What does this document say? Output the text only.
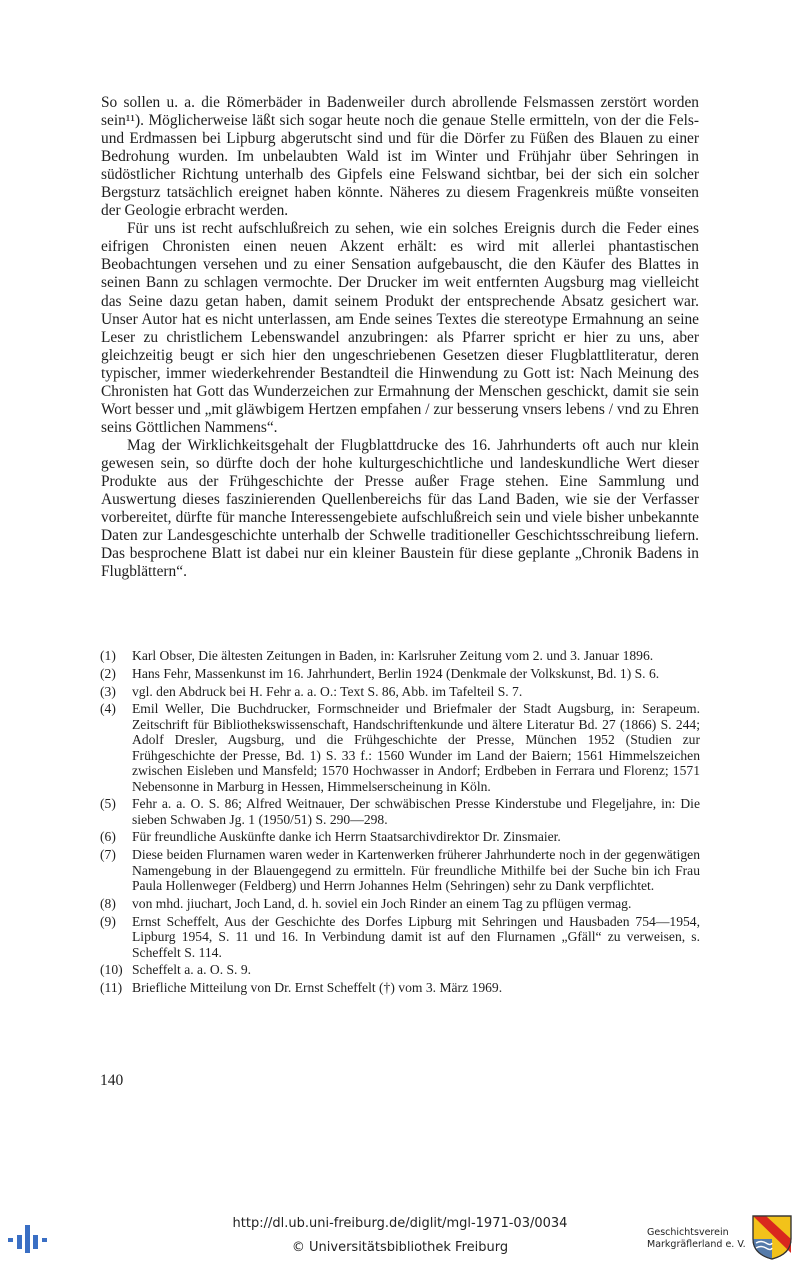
So sollen u. a. die Römerbäder in Badenweiler durch abrollende Felsmassen zerstört worden sein¹¹). Möglicherweise läßt sich sogar heute noch die genaue Stelle ermitteln, von der die Fels- und Erdmassen bei Lipburg abgerutscht sind und für die Dörfer zu Füßen des Blauen zu einer Bedrohung wurden. Im unbelaubten Wald ist im Winter und Frühjahr über Sehringen in südöstlicher Richtung unterhalb des Gipfels eine Felswand sichtbar, bei der sich ein solcher Bergsturz tatsächlich ereignet haben könnte. Näheres zu diesem Fragenkreis müßte vonseiten der Geologie erbracht werden.

Für uns ist recht aufschlußreich zu sehen, wie ein solches Ereignis durch die Feder eines eifrigen Chronisten einen neuen Akzent erhält: es wird mit allerlei phantastischen Beobachtungen versehen und zu einer Sensation aufgebauscht, die den Käufer des Blattes in seinen Bann zu schlagen vermochte. Der Drucker im weit entfernten Augsburg mag vielleicht das Seine dazu getan haben, damit seinem Produkt der entsprechende Absatz gesichert war. Unser Autor hat es nicht unterlassen, am Ende seines Textes die stereotype Ermahnung an seine Leser zu christlichem Lebenswandel anzubringen: als Pfarrer spricht er hier zu uns, aber gleichzeitig beugt er sich hier den ungeschriebenen Gesetzen dieser Flugblattliteratur, deren typischer, immer wiederkehrender Bestandteil die Hinwendung zu Gott ist: Nach Meinung des Chronisten hat Gott das Wunderzeichen zur Ermahnung der Menschen geschickt, damit sie sein Wort besser und „mit gläwbigem Hertzen empfahen / zur besserung vnsers lebens / vnd zu Ehren seins Göttlichen Nammens“.

Mag der Wirklichkeitsgehalt der Flugblattdrucke des 16. Jahrhunderts oft auch nur klein gewesen sein, so dürfte doch der hohe kulturgeschichtliche und landeskundliche Wert dieser Produkte aus der Frühgeschichte der Presse außer Frage stehen. Eine Sammlung und Auswertung dieses faszinierenden Quellenbereichs für das Land Baden, wie sie der Verfasser vorbereitet, dürfte für manche Interessengebiete aufschlußreich sein und viele bisher unbekannte Daten zur Landesgeschichte unterhalb der Schwelle traditioneller Geschichtsschreibung liefern. Das besprochene Blatt ist dabei nur ein kleiner Baustein für diese geplante „Chronik Badens in Flugblättern“.

(1)	Karl Obser, Die ältesten Zeitungen in Baden, in: Karlsruher Zeitung vom 2. und 3. Januar 1896.
(2)	Hans Fehr, Massenkunst im 16. Jahrhundert, Berlin 1924 (Denkmale der Volkskunst, Bd. 1) S. 6.
(3)	vgl. den Abdruck bei H. Fehr a. a. O.: Text S. 86, Abb. im Tafelteil S. 7.
(4)	Emil Weller, Die Buchdrucker, Formschneider und Briefmaler der Stadt Augsburg, in: Serapeum. Zeitschrift für Bibliothekswissenschaft, Handschriftenkunde und ältere Literatur Bd. 27 (1866) S. 244; Adolf Dresler, Augsburg, und die Frühgeschichte der Presse, München 1952 (Studien zur Frühgeschichte der Presse, Bd. 1) S. 33 f.: 1560 Wunder im Land der Baiern; 1561 Himmelszeichen zwischen Eisleben und Mansfeld; 1570 Hochwasser in Andorf; Erdbeben in Ferrara und Florenz; 1571 Nebensonne in Marburg in Hessen, Himmelserscheinung in Köln.
(5)	Fehr a. a. O. S. 86; Alfred Weitnauer, Der schwäbischen Presse Kinderstube und Flegeljahre, in: Die sieben Schwaben Jg. 1 (1950/51) S. 290—298.
(6)	Für freundliche Auskünfte danke ich Herrn Staatsarchivdirektor Dr. Zinsmaier.
(7)	Diese beiden Flurnamen waren weder in Kartenwerken früherer Jahrhunderte noch in der gegenwätigen Namengebung in der Blauengegend zu ermitteln. Für freundliche Mithilfe bei der Suche bin ich Frau Paula Hollenweger (Feldberg) und Herrn Johannes Helm (Sehringen) sehr zu Dank verpflichtet.
(8)	von mhd. jiuchart, Joch Land, d. h. soviel ein Joch Rinder an einem Tag zu pflügen vermag.
(9)	Ernst Scheffelt, Aus der Geschichte des Dorfes Lipburg mit Sehringen und Hausbaden 754—1954, Lipburg 1954, S. 11 und 16. In Verbindung damit ist auf den Flurnamen „Gfäll“ zu verweisen, s. Scheffelt S. 114.
(10) Scheffelt a. a. O. S. 9.
(11) Briefliche Mitteilung von Dr. Ernst Scheffelt (†) vom 3. März 1969.
140
http://dl.ub.uni-freiburg.de/diglit/mgl-1971-03/0034
© Universitätsbibliothek Freiburg
Geschichtsverein
Markgräflerland e. V.
